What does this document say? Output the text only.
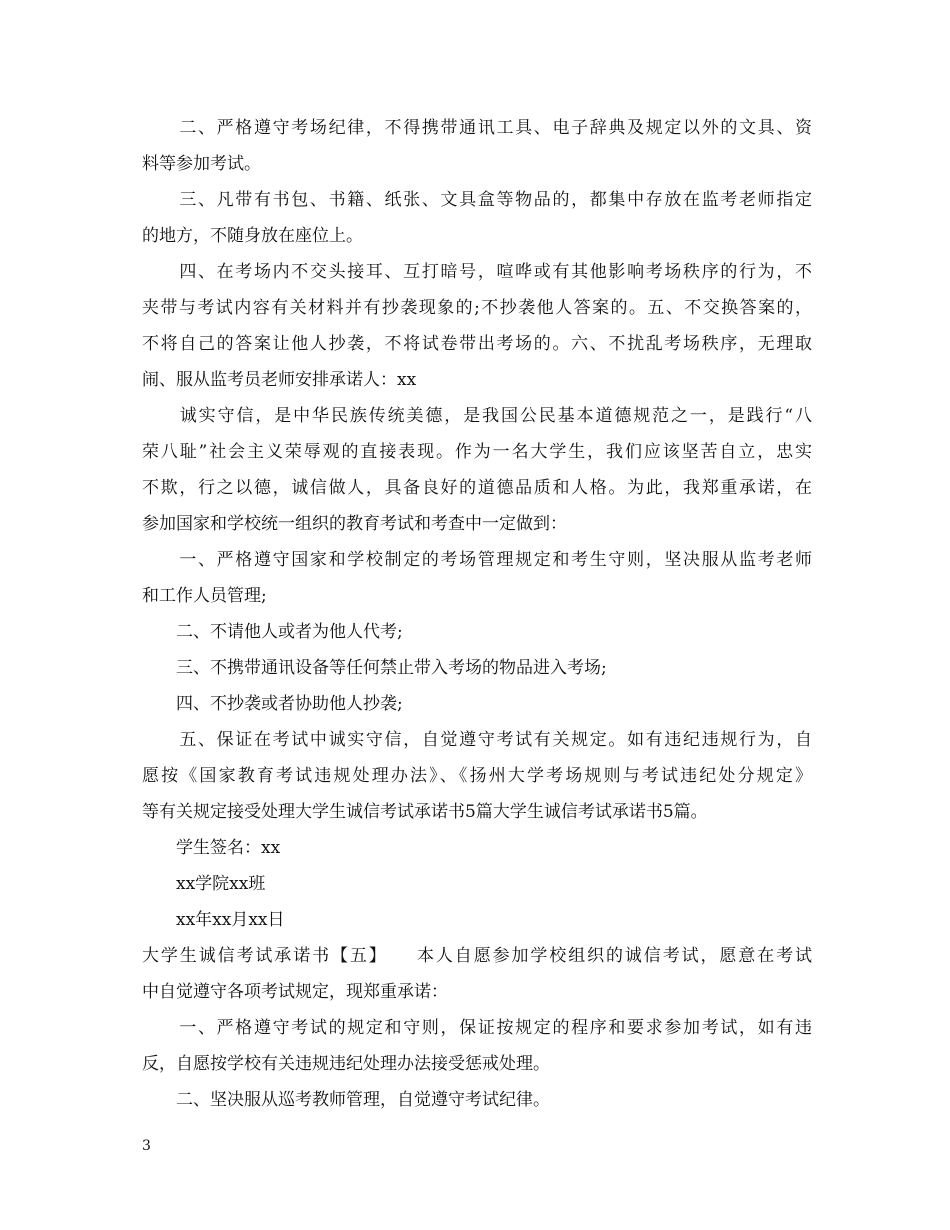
　　二、严格遵守考场纪律，不得携带通讯工具、电子辞典及规定以外的文具、资
料等参加考试。
　　三、凡带有书包、书籍、纸张、文具盒等物品的，都集中存放在监考老师指定
的地方，不随身放在座位上。
　　四、在考场内不交头接耳、互打暗号，喧哗或有其他影响考场秩序的行为，不
夹带与考试内容有关材料并有抄袭现象的;不抄袭他人答案的。五、不交换答案的，
不将自己的答案让他人抄袭，不将试卷带出考场的。六、不扰乱考场秩序，无理取
闹、服从监考员老师安排承诺人：xx
　　诚实守信，是中华民族传统美德，是我国公民基本道德规范之一，是践行“八
荣八耻”社会主义荣辱观的直接表现。作为一名大学生，我们应该坚苦自立，忠实
不欺，行之以德，诚信做人，具备良好的道德品质和人格。为此，我郑重承诺，在
参加国家和学校统一组织的教育考试和考查中一定做到：
　　一、严格遵守国家和学校制定的考场管理规定和考生守则，坚决服从监考老师
和工作人员管理;
　　二、不请他人或者为他人代考;
　　三、不携带通讯设备等任何禁止带入考场的物品进入考场;
　　四、不抄袭或者协助他人抄袭;
　　五、保证在考试中诚实守信，自觉遵守考试有关规定。如有违纪违规行为，自
愿按《国家教育考试违规处理办法》、《扬州大学考场规则与考试违纪处分规定》
等有关规定接受处理大学生诚信考试承诺书5篇大学生诚信考试承诺书5篇。
　　学生签名：xx
　　xx学院xx班
　　xx年xx月xx日
大学生诚信考试承诺书【五】　　本人自愿参加学校组织的诚信考试，愿意在考试
中自觉遵守各项考试规定，现郑重承诺：
　　一、严格遵守考试的规定和守则，保证按规定的程序和要求参加考试，如有违
反，自愿按学校有关违规违纪处理办法接受惩戒处理。
　　二、坚决服从巡考教师管理，自觉遵守考试纪律。
3
